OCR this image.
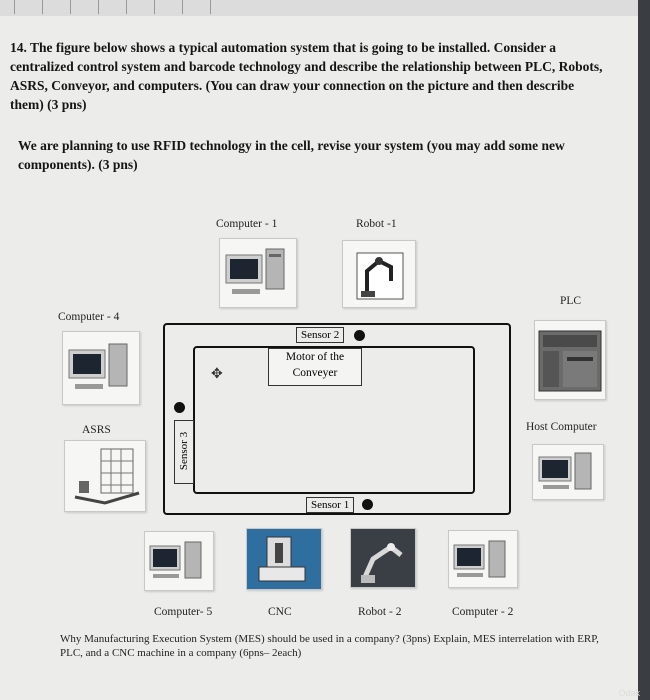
14. The figure below shows a typical automation system that is going to be installed. Consider a centralized control system and barcode technology and describe the relationship between PLC, Robots, ASRS, Conveyor, and computers. (You can draw your connection on the picture and then describe them) (3 pns)
We are planning to use RFID technology in the cell, revise your system (you may add some new components). (3 pns)
Computer - 1	Robot -1
PLC
Computer - 4
ASRS	Host Computer
Computer- 5	CNC	Robot - 2	Computer - 2
Sensor 2
Motor of the Conveyer
✥
Sensor 3
Sensor 1
Why Manufacturing Execution System (MES) should be used in a company? (3pns) Explain, MES interrelation with ERP, PLC, and a CNC machine in a company (6pns– 2each)
Odak
